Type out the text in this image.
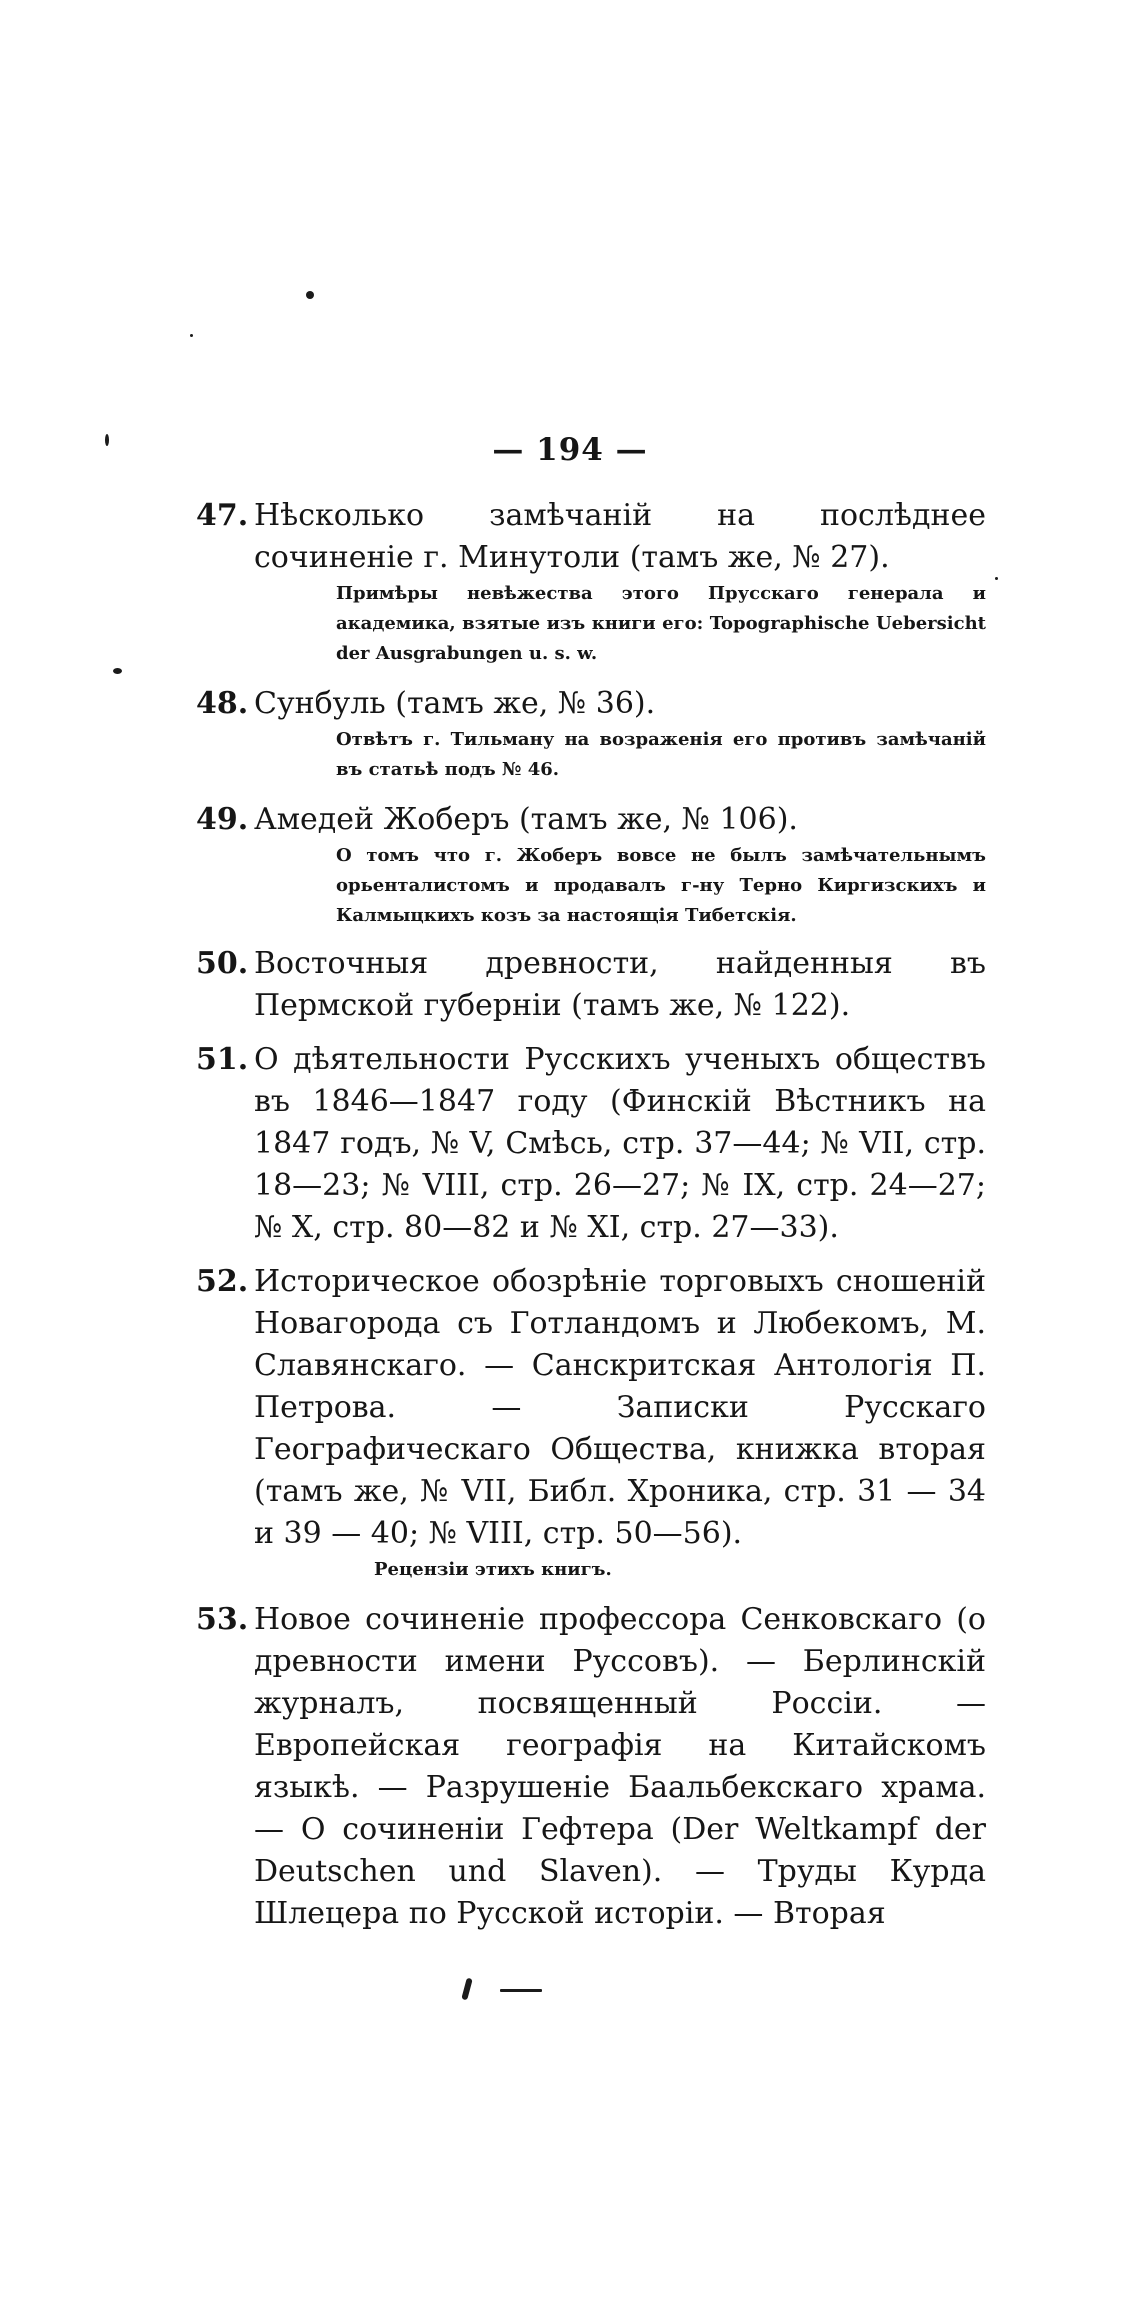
— 194 —
47. Нѣсколько замѣчаній на послѣднее сочиненіе г. Минутоли (тамъ же, № 27).
Примѣры невѣжества этого Прусскаго генерала и академика, взятые изъ книги его: Topographische Uebersicht der Ausgrabungen u. s. w.
48. Сунбуль (тамъ же, № 36).
Отвѣтъ г. Тильману на возраженія его противъ замѣчаній въ статьѣ подъ № 46.
49. Амедей Жоберъ (тамъ же, № 106).
О томъ что г. Жоберъ вовсе не былъ замѣчательнымъ орьенталистомъ и продавалъ г-ну Терно Киргизскихъ и Калмыцкихъ козъ за настоящія Тибетскія.
50. Восточныя древности, найденныя въ Пермской губерніи (тамъ же, № 122).
51. О дѣятельности Русскихъ ученыхъ обществъ въ 1846—1847 году (Финскій Вѣстникъ на 1847 годъ, № V, Смѣсь, стр. 37—44; № VII, стр. 18—23; № VIII, стр. 26—27; № IX, стр. 24—27; № X, стр. 80—82 и № XI, стр. 27—33).
52. Историческое обозрѣніе торговыхъ сношеній Новагорода съ Готландомъ и Любекомъ, М. Славянскаго. — Санскритская Антологія П. Петрова. — Записки Русскаго Географическаго Общества, книжка вторая (тамъ же, № VII, Библ. Хроника, стр. 31 — 34 и 39 — 40; № VIII, стр. 50—56).
Рецензіи этихъ книгъ.
53. Новое сочиненіе профессора Сенковскаго (о древности имени Руссовъ). — Берлинскій журналъ, посвященный Россіи. — Европейская географія на Китайскомъ языкѣ. — Разрушеніе Баальбекскаго храма. — О сочиненіи Гефтера (Der Weltkampf der Deutschen und Slaven). — Труды Курда Шлецера по Русской исторіи. — Вторая
